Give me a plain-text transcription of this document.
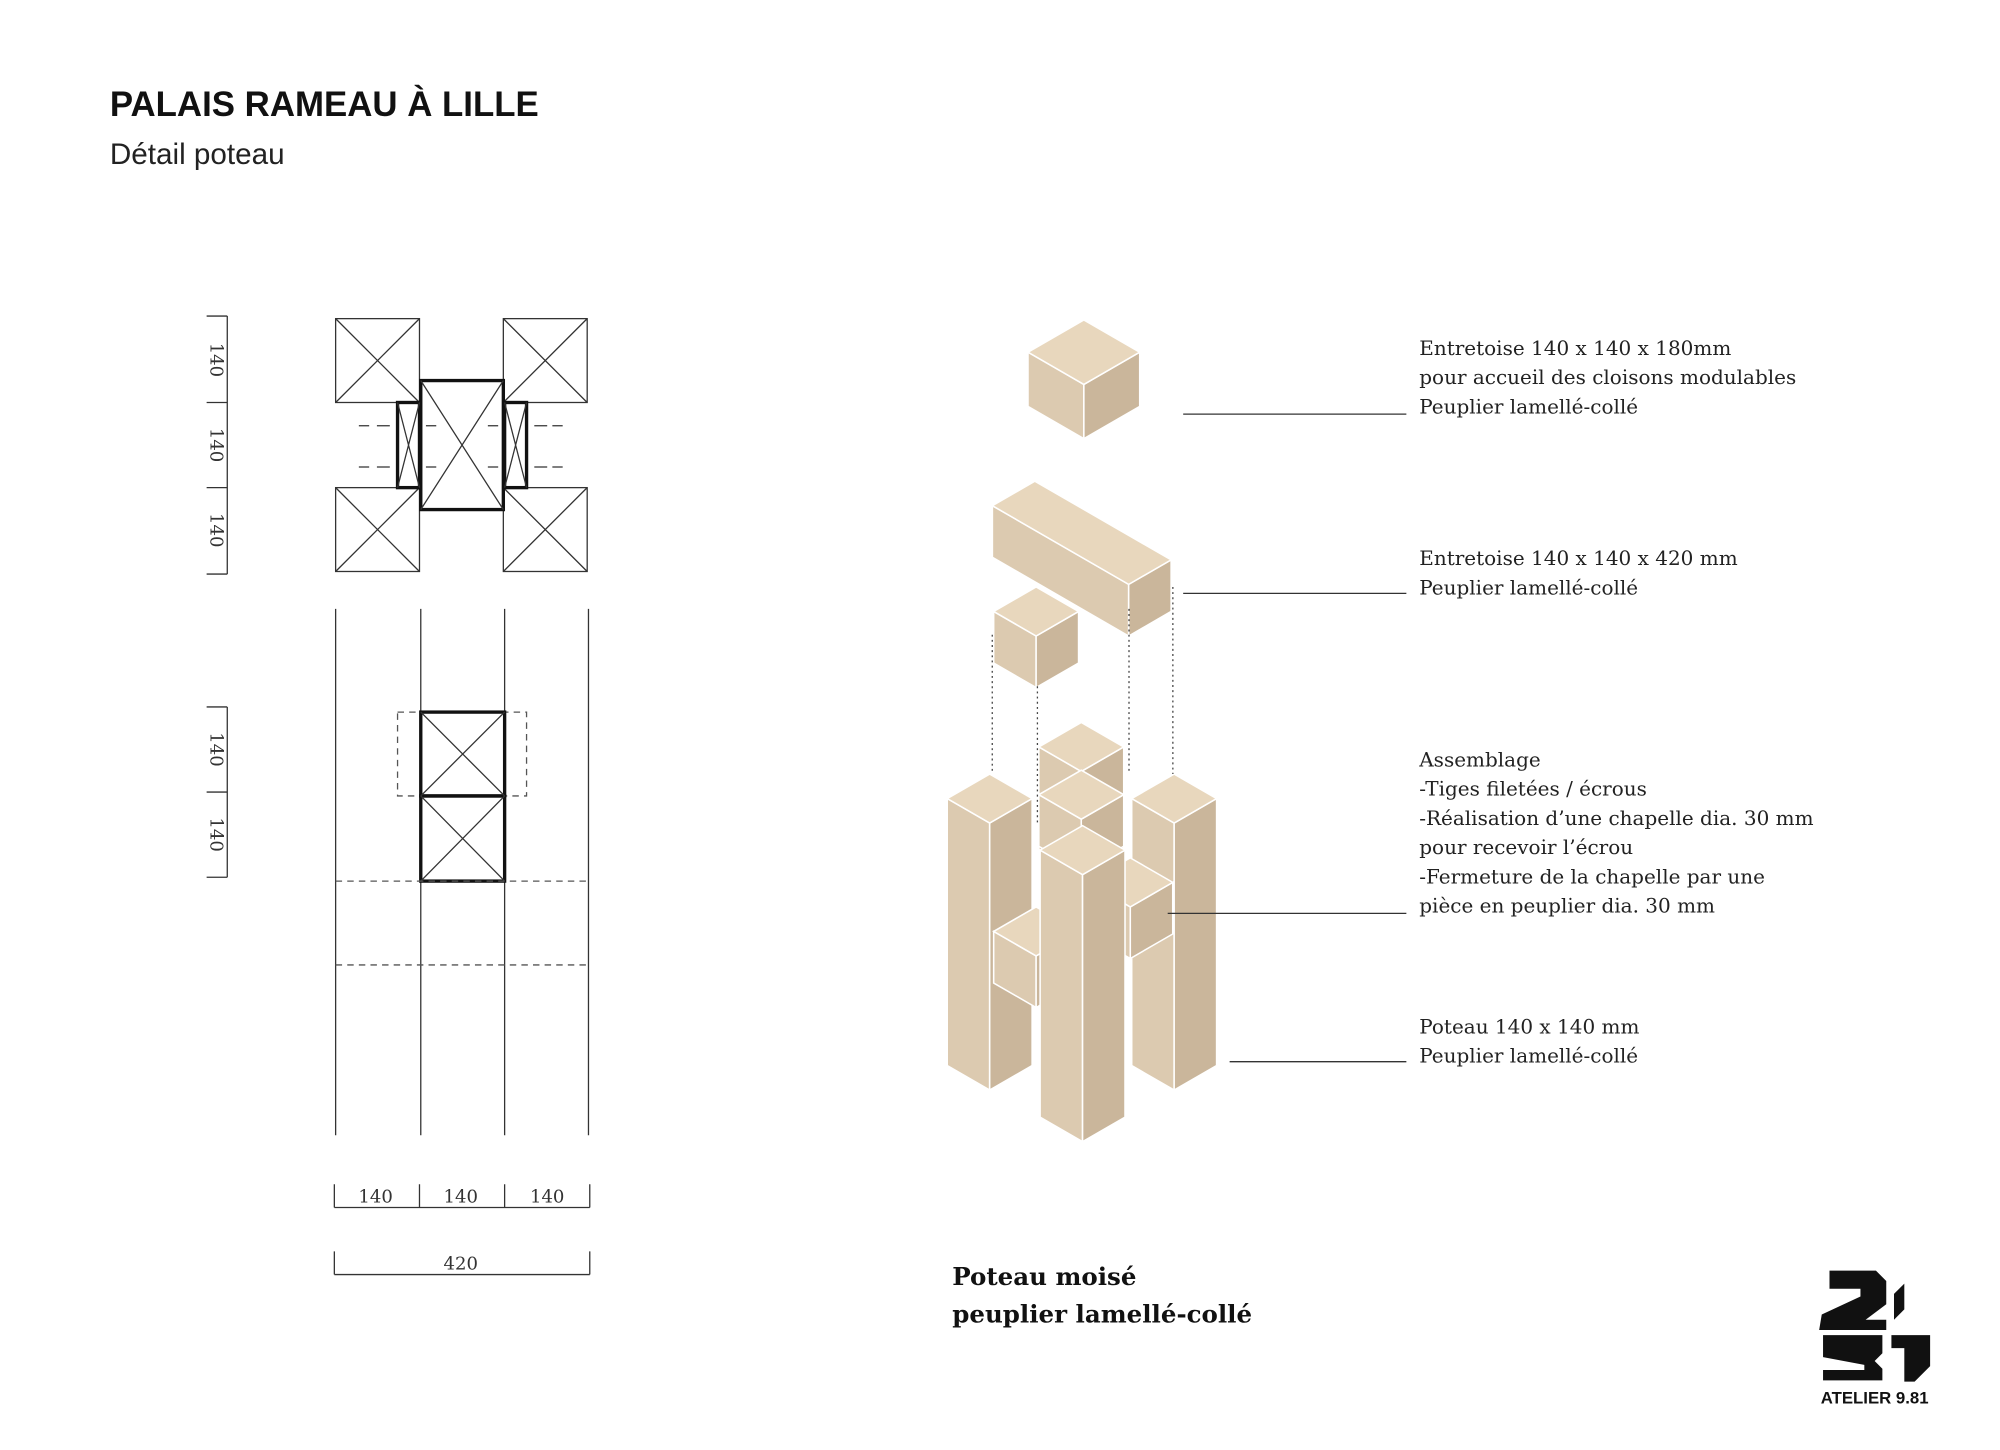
PALAIS RAMEAU À LILLE
Détail poteau
140
140
140
140
140
140	140	140
420
Entretoise 140 x 140 x 180mm
pour accueil des cloisons modulables
Peuplier lamellé-collé
Entretoise 140 x 140 x 420 mm
Peuplier lamellé-collé
Assemblage
-Tiges filetées / écrous
-Réalisation d’une chapelle dia. 30 mm
pour recevoir l’écrou
-Fermeture de la chapelle par une
pièce en peuplier dia. 30 mm
Poteau 140 x 140 mm
Peuplier lamellé-collé
Poteau moisé
peuplier lamellé-collé
ATELIER 9.81
